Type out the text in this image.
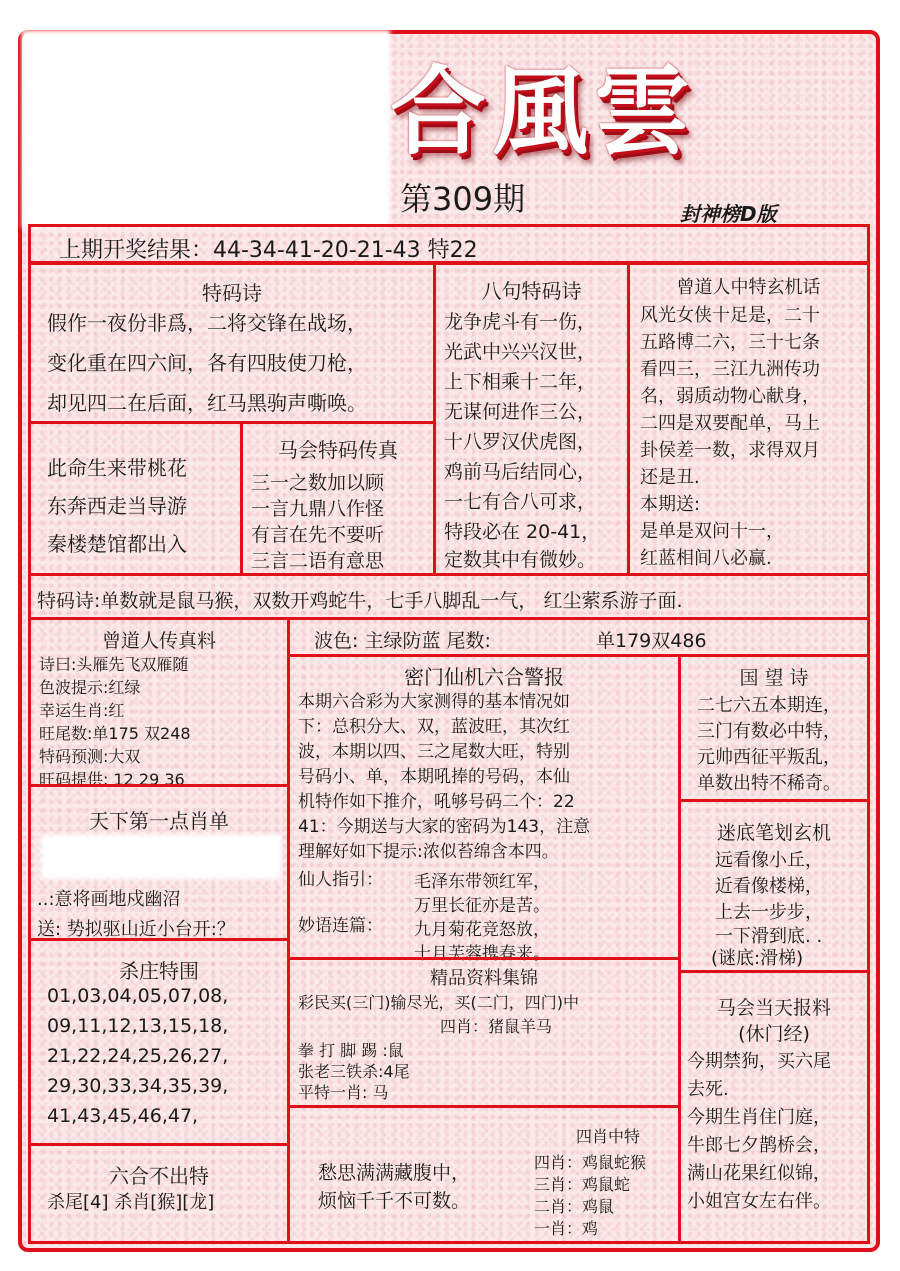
合風雲
第309期	封神榜D版
上期开奖结果：44-34-41-20-21-43 特22
特码诗
假作一夜份非爲，二将交锋在战场，
变化重在四六间，各有四肢使刀枪，
却见四二在后面，红马黑驹声嘶唤。
八句特码诗
龙争虎斗有一伤，
光武中兴兴汉世，
上下相乘十二年，
无谋何进作三公，
十八罗汉伏虎图，
鸡前马后结同心，
一七有合八可求，
特段必在 20-41，
定数其中有微妙。
曾道人中特玄机话
风光女侠十足是，二十
五路博二六，三十七条
看四三，三江九洲传功
名，弱质动物心献身，
二四是双要配单，马上
卦侯差一数，求得双月
还是丑.
本期送:
是单是双问十一，
红蓝相间八必赢.
此命生来带桃花
东奔西走当导游
秦楼楚馆都出入
马会特码传真
三一之数加以顾
一言九鼎八作怪
有言在先不要听
三言二语有意思
特码诗:单数就是鼠马猴，双数开鸡蛇牛，七手八脚乱一气， 红尘萦系游子面.
曾道人传真料
诗曰:头雁先飞双雁随
色波提示:红绿
幸运生肖:红
旺尾数:单175 双248
特码预测:大双
旺码提供: 12 29 36
天下第一点肖单
..:意将画地戍幽沼
送: 势拟驱山近小台开:？
杀庄特围
01,03,04,05,07,08,
09,11,12,13,15,18,
21,22,24,25,26,27,
29,30,33,34,35,39,
41,43,45,46,47,
六合不出特
杀尾[4] 杀肖[猴][龙]
波色: 主绿防蓝 尾数:	单179双486
密门仙机六合警报
本期六合彩为大家测得的基本情况如
下：总积分大、双，蓝波旺，其次红
波，本期以四、三之尾数大旺，特别
号码小、单，本期吼捧的号码，本仙
机特作如下推介，吼够号码二个：22
41：今期送与大家的密码为143，注意
理解好如下提示:浓似苔绵含本四。
仙人指引： 毛泽东带领红军，
万里长征亦是苦。
妙语连篇： 九月菊花竞怒放，
十月芙蓉携春来。
精品资料集锦
彩民买(三门)输尽光，买(二门，四门)中
四肖：猪鼠羊马
拳 打 脚 踢 :鼠
张老三铁杀:4尾
平特一肖: 马
愁思满满藏腹中，
烦恼千千不可数。
四肖中特
四肖：鸡鼠蛇猴
三肖：鸡鼠蛇
二肖：鸡鼠
一肖：鸡
国 望 诗
二七六五本期连，
三门有数必中特，
元帅西征平叛乱，
单数出特不稀奇。
迷底笔划玄机
远看像小丘，
近看像楼梯，
上去一步步，
一下滑到底. .
(谜底:滑梯)
马会当天报料
(休门经)
今期禁狗，买六尾
去死.
今期生肖住门庭，
牛郎七夕鹊桥会，
满山花果红似锦，
小姐宫女左右伴。
